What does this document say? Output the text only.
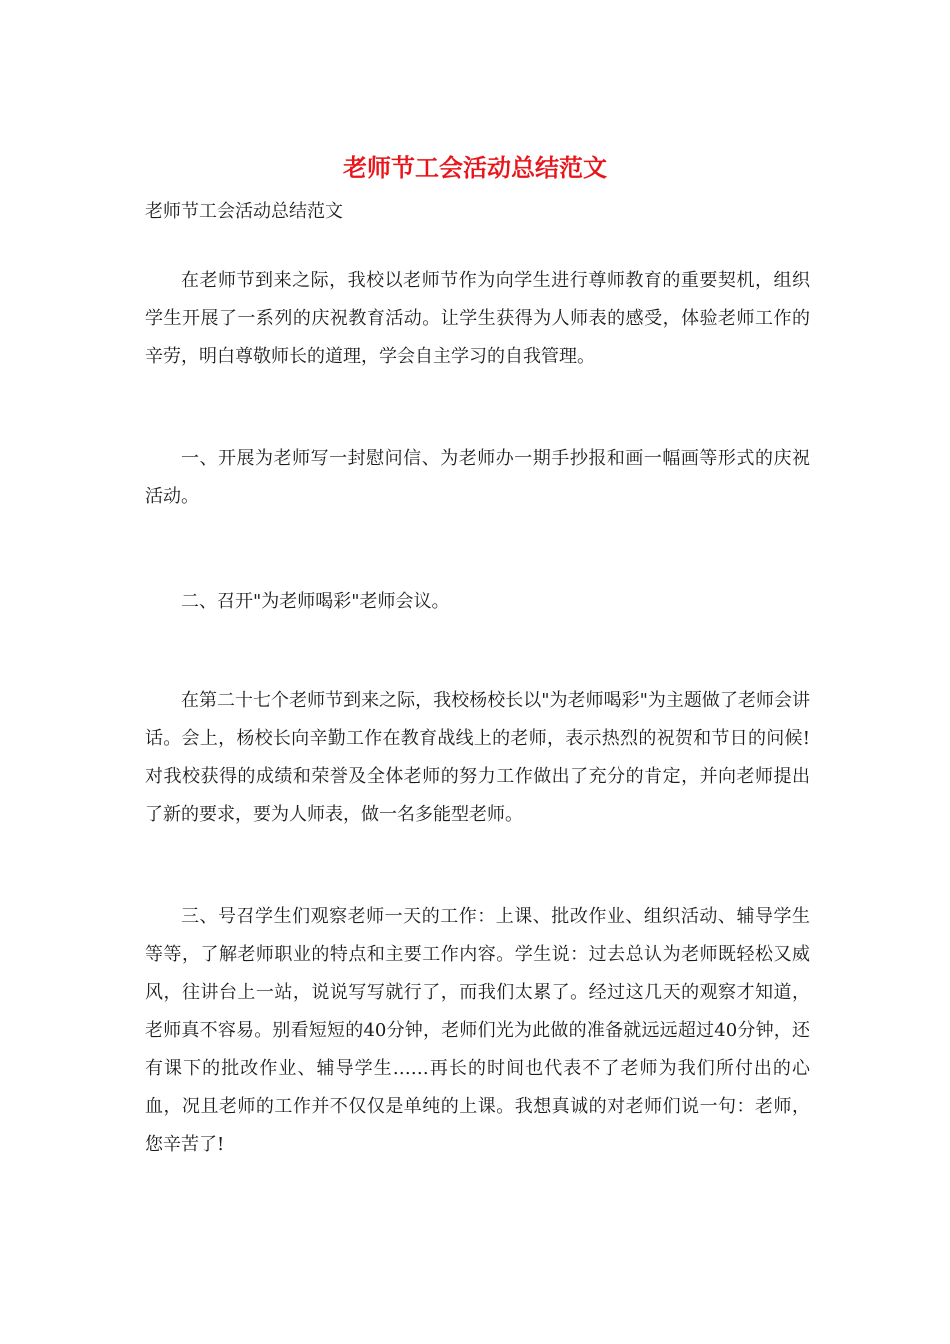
老师节工会活动总结范文

老师节工会活动总结范文

在老师节到来之际，我校以老师节作为向学生进行尊师教育的重要契机，组织学生开展了一系列的庆祝教育活动。让学生获得为人师表的感受，体验老师工作的辛劳，明白尊敬师长的道理，学会自主学习的自我管理。

一、开展为老师写一封慰问信、为老师办一期手抄报和画一幅画等形式的庆祝活动。

二、召开"为老师喝彩"老师会议。

在第二十七个老师节到来之际，我校杨校长以"为老师喝彩"为主题做了老师会讲话。会上，杨校长向辛勤工作在教育战线上的老师，表示热烈的祝贺和节日的问候!对我校获得的成绩和荣誉及全体老师的努力工作做出了充分的肯定，并向老师提出了新的要求，要为人师表，做一名多能型老师。

三、号召学生们观察老师一天的工作：上课、批改作业、组织活动、辅导学生等等，了解老师职业的特点和主要工作内容。学生说：过去总认为老师既轻松又威风，往讲台上一站，说说写写就行了，而我们太累了。经过这几天的观察才知道，老师真不容易。别看短短的40分钟，老师们光为此做的准备就远远超过40分钟，还有课下的批改作业、辅导学生……再长的时间也代表不了老师为我们所付出的心血，况且老师的工作并不仅仅是单纯的上课。我想真诚的对老师们说一句：老师，您辛苦了!
